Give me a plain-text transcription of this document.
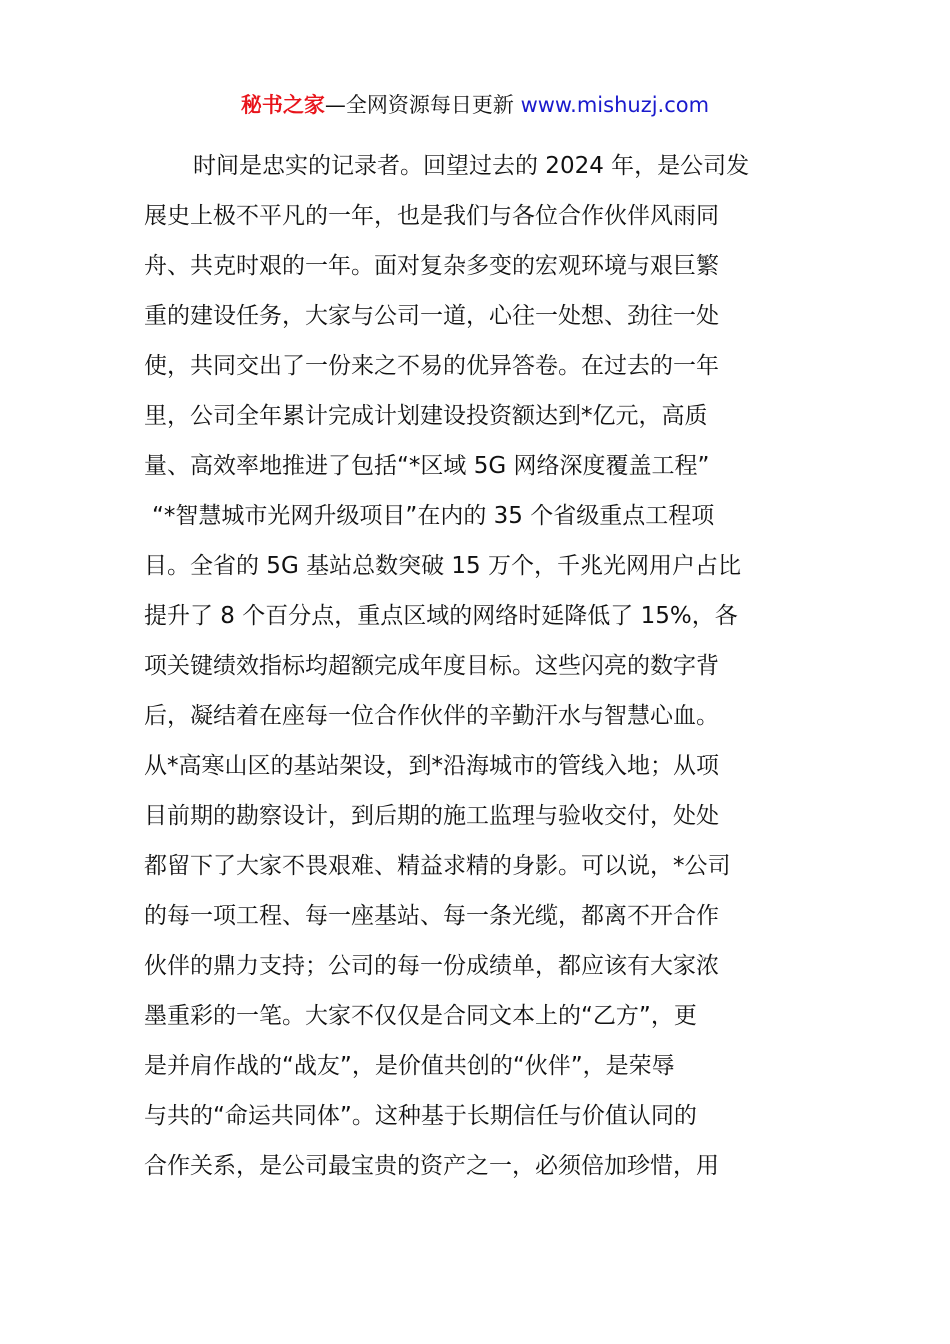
秘书之家—全网资源每日更新 www.mishuzj.com
时间是忠实的记录者。回望过去的 2024 年，是公司发
展史上极不平凡的一年，也是我们与各位合作伙伴风雨同
舟、共克时艰的一年。面对复杂多变的宏观环境与艰巨繁
重的建设任务，大家与公司一道，心往一处想、劲往一处
使，共同交出了一份来之不易的优异答卷。在过去的一年
里，公司全年累计完成计划建设投资额达到*亿元，高质
量、高效率地推进了包括“*区域 5G 网络深度覆盖工程”
“*智慧城市光网升级项目”在内的 35 个省级重点工程项
目。全省的 5G 基站总数突破 15 万个，千兆光网用户占比
提升了 8 个百分点，重点区域的网络时延降低了 15%，各
项关键绩效指标均超额完成年度目标。这些闪亮的数字背
后，凝结着在座每一位合作伙伴的辛勤汗水与智慧心血。
从*高寒山区的基站架设，到*沿海城市的管线入地；从项
目前期的勘察设计，到后期的施工监理与验收交付，处处
都留下了大家不畏艰难、精益求精的身影。可以说，*公司
的每一项工程、每一座基站、每一条光缆，都离不开合作
伙伴的鼎力支持；公司的每一份成绩单，都应该有大家浓
墨重彩的一笔。大家不仅仅是合同文本上的“乙方”，更
是并肩作战的“战友”，是价值共创的“伙伴”，是荣辱
与共的“命运共同体”。这种基于长期信任与价值认同的
合作关系，是公司最宝贵的资产之一，必须倍加珍惜，用
